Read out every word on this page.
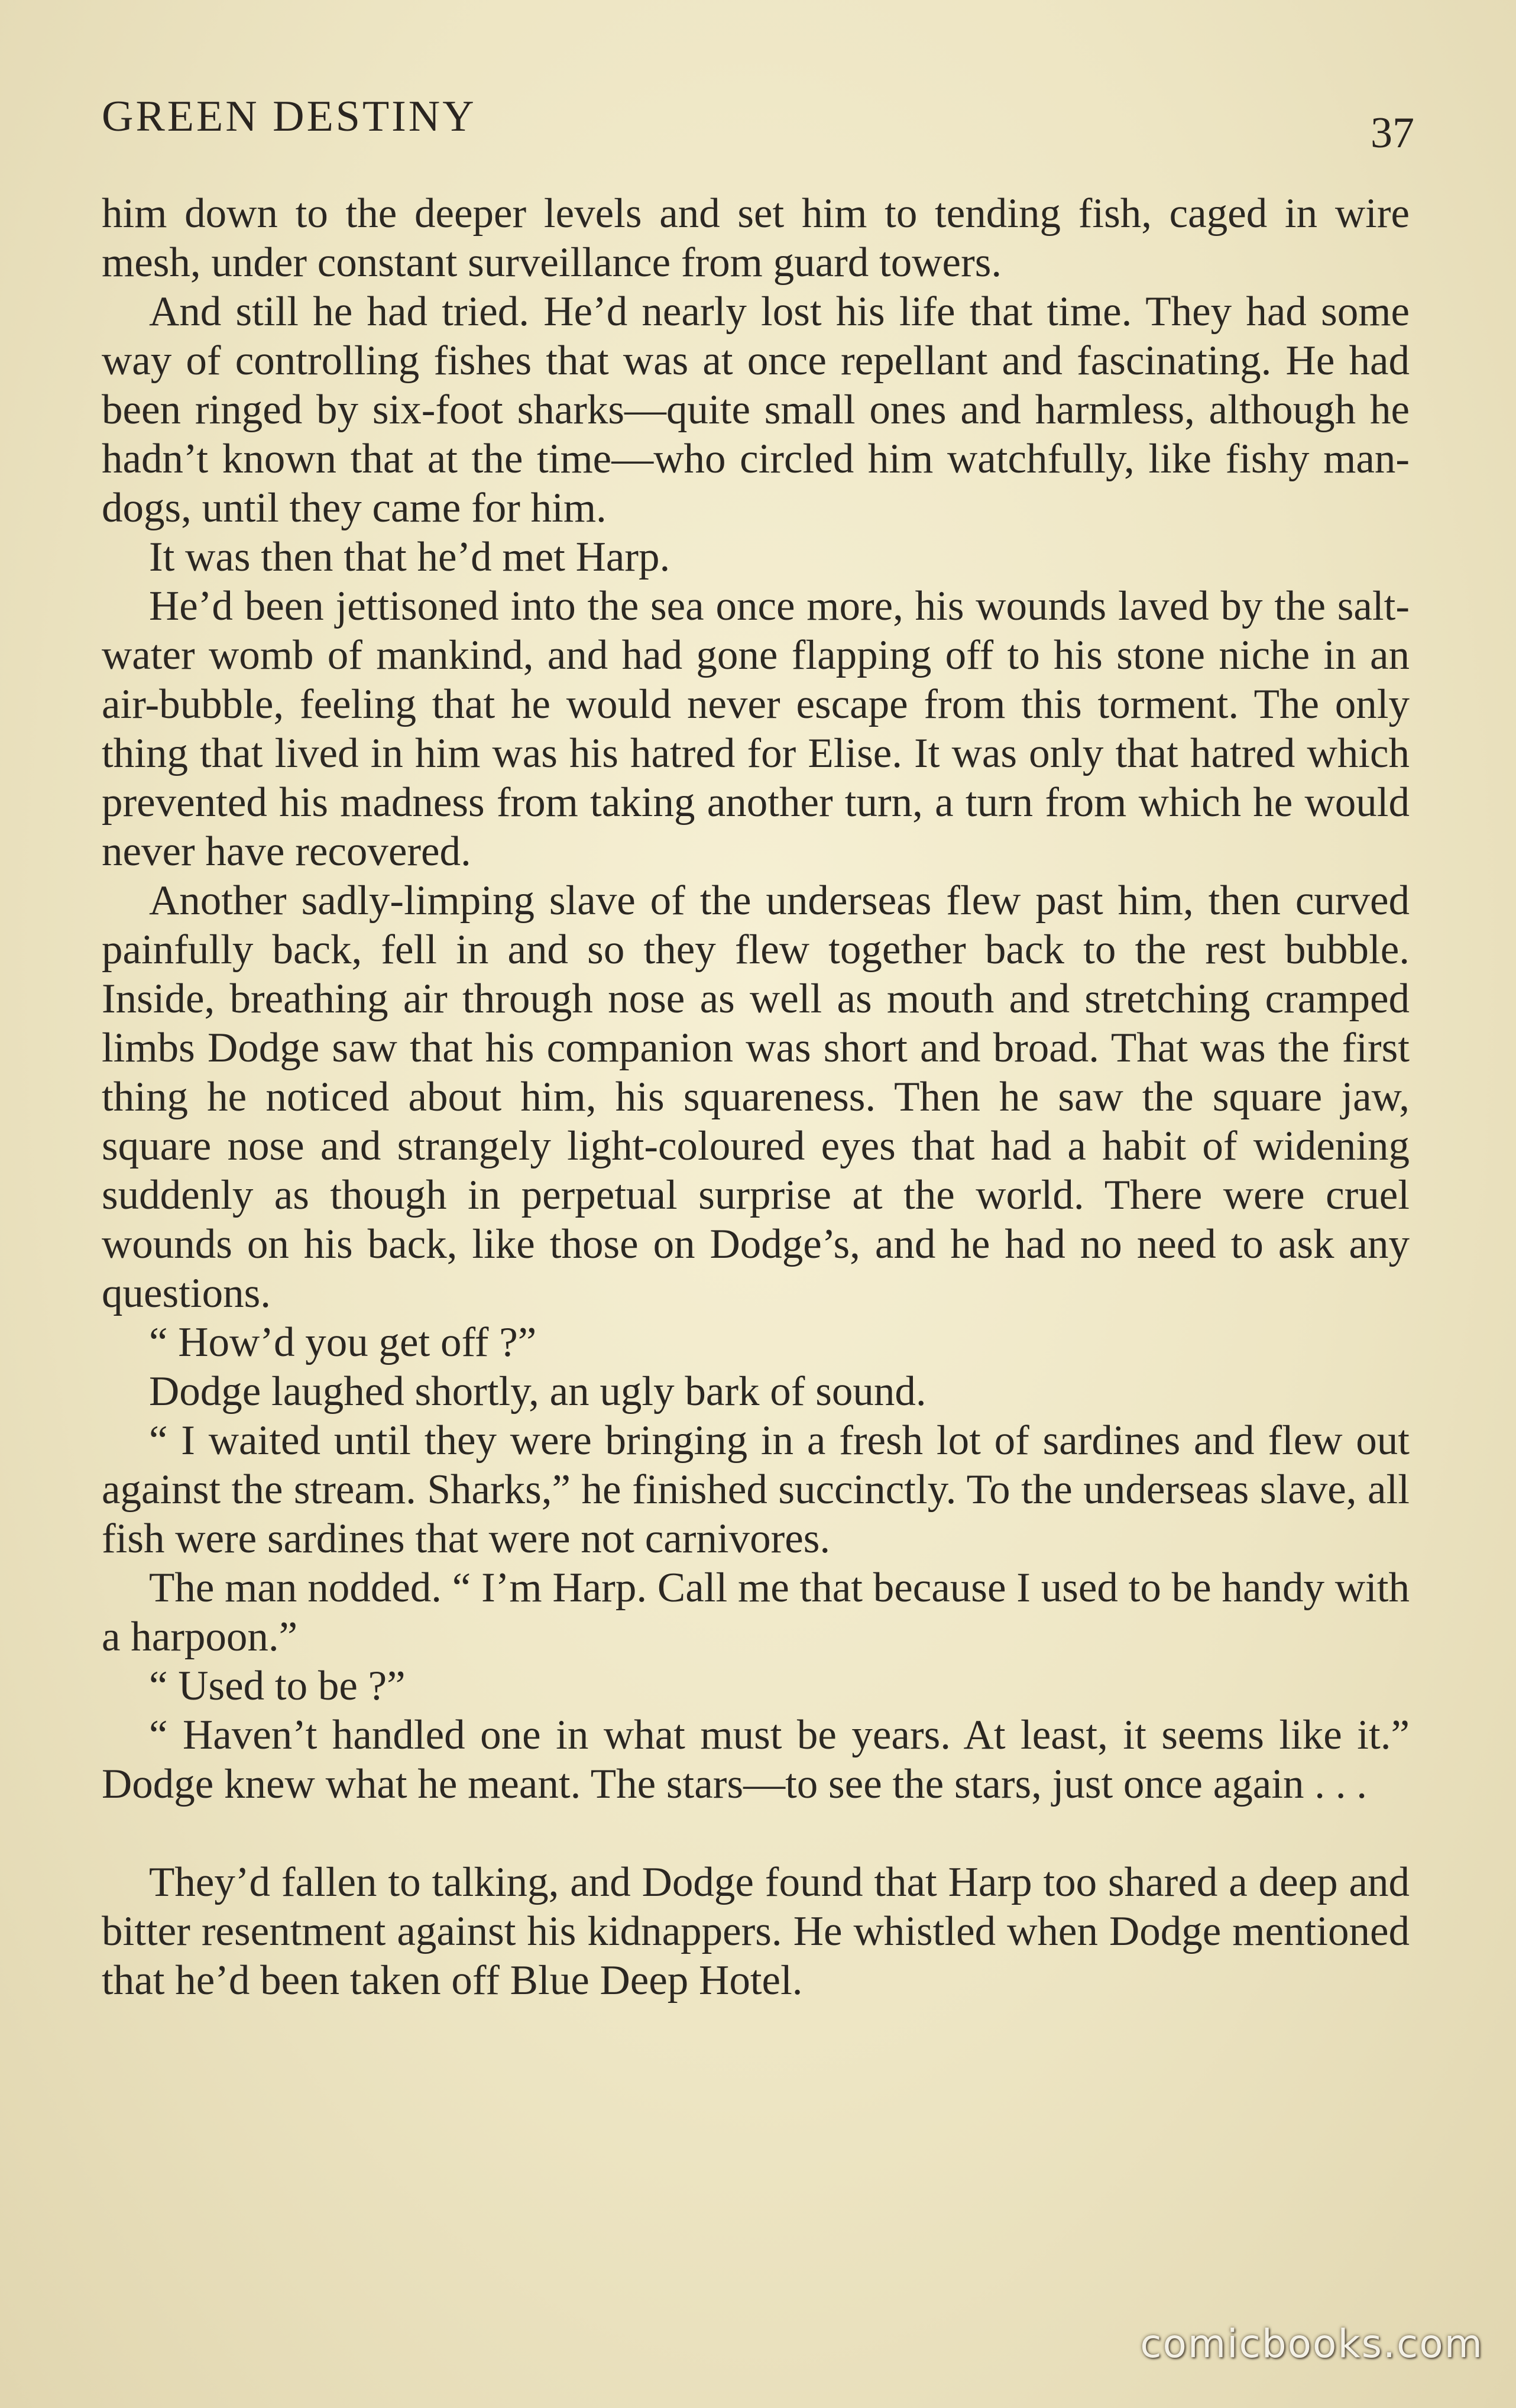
GREEN DESTINY	37

him down to the deeper levels and set him to tending fish, caged in wire mesh, under constant surveillance from guard towers.

And still he had tried. He’d nearly lost his life that time. They had some way of controlling fishes that was at once repellant and fascinating. He had been ringed by six-foot sharks—quite small ones and harmless, although he hadn’t known that at the time—who circled him watchfully, like fishy man-dogs, until they came for him.

It was then that he’d met Harp.

He’d been jettisoned into the sea once more, his wounds laved by the salt-water womb of mankind, and had gone flapping off to his stone niche in an air-bubble, feeling that he would never escape from this torment. The only thing that lived in him was his hatred for Elise. It was only that hatred which prevented his madness from taking another turn, a turn from which he would never have recovered.

Another sadly-limping slave of the underseas flew past him, then curved painfully back, fell in and so they flew together back to the rest bubble. Inside, breathing air through nose as well as mouth and stretching cramped limbs Dodge saw that his companion was short and broad. That was the first thing he noticed about him, his squareness. Then he saw the square jaw, square nose and strangely light-coloured eyes that had a habit of widening suddenly as though in perpetual surprise at the world. There were cruel wounds on his back, like those on Dodge’s, and he had no need to ask any questions.

“ How’d you get off ?”

Dodge laughed shortly, an ugly bark of sound.

“ I waited until they were bringing in a fresh lot of sardines and flew out against the stream. Sharks,” he finished succinctly. To the underseas slave, all fish were sardines that were not carnivores.

The man nodded. “ I’m Harp. Call me that because I used to be handy with a harpoon.”

“ Used to be ?”

“ Haven’t handled one in what must be years. At least, it seems like it.” Dodge knew what he meant. The stars—to see the stars, just once again . . .

They’d fallen to talking, and Dodge found that Harp too shared a deep and bitter resentment against his kidnappers. He whistled when Dodge mentioned that he’d been taken off Blue Deep Hotel.

comicbooks.com
